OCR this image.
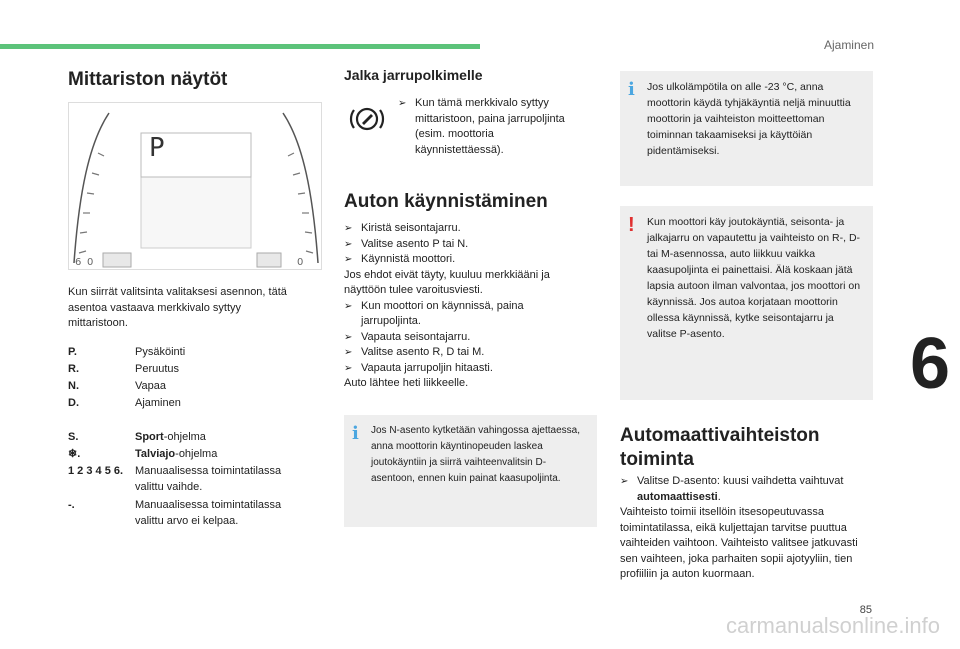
Ajaminen
Mittariston näytöt
6 0	0
P
Kun siirrät valitsinta valitaksesi asennon, tätä asentoa vastaava merkkivalo syttyy mittaristoon.
P.	Pysäköinti
R.	Peruutus
N.	Vapaa
D.	Ajaminen
S.	Sport-ohjelma
❄.	Talviajo-ohjelma
1 2 3 4 5 6.	Manuaalisessa toimintatilassa valittu vaihde.
-.	Manuaalisessa toimintatilassa valittu arvo ei kelpaa.
Jalka jarrupolkimelle
➢ Kun tämä merkkivalo syttyy mittaristoon, paina jarrupoljinta (esim. moottoria käynnistettäessä).
Auton käynnistäminen
➢ Kiristä seisontajarru.
➢ Valitse asento P tai N.
➢ Käynnistä moottori.
Jos ehdot eivät täyty, kuuluu merkkiääni ja näyttöön tulee varoitusviesti.
➢ Kun moottori on käynnissä, paina jarrupoljinta.
➢ Vapauta seisontajarru.
➢ Valitse asento R, D tai M.
➢ Vapauta jarrupoljin hitaasti.
Auto lähtee heti liikkeelle.
i	Jos N-asento kytketään vahingossa ajettaessa, anna moottorin käyntinopeuden laskea joutokäyntiin ja siirrä vaihteenvalitsin D-asentoon, ennen kuin painat kaasupoljinta.
i	Jos ulkolämpötila on alle -23 °C, anna moottorin käydä tyhjäkäyntiä neljä minuuttia moottorin ja vaihteiston moitteettoman toiminnan takaamiseksi ja käyttöiän pidentämiseksi.
!	Kun moottori käy joutokäyntiä, seisonta- ja jalkajarru on vapautettu ja vaihteisto on R-, D- tai M-asennossa, auto liikkuu vaikka kaasupoljinta ei painettaisi. Älä koskaan jätä lapsia autoon ilman valvontaa, jos moottori on käynnissä. Jos autoa korjataan moottorin ollessa käynnissä, kytke seisontajarru ja valitse P-asento.
Automaattivaihteiston toiminta
➢ Valitse D-asento: kuusi vaihdetta vaihtuvat automaattisesti.
Vaihteisto toimii itsellöin itsesopeutuvassa toimintatilassa, eikä kuljettajan tarvitse puuttua vaihteiden vaihtoon. Vaihteisto valitsee jatkuvasti sen vaihteen, joka parhaiten sopii ajotyyliin, tien profiiliin ja auton kuormaan.
6
85
carmanualsonline.info
